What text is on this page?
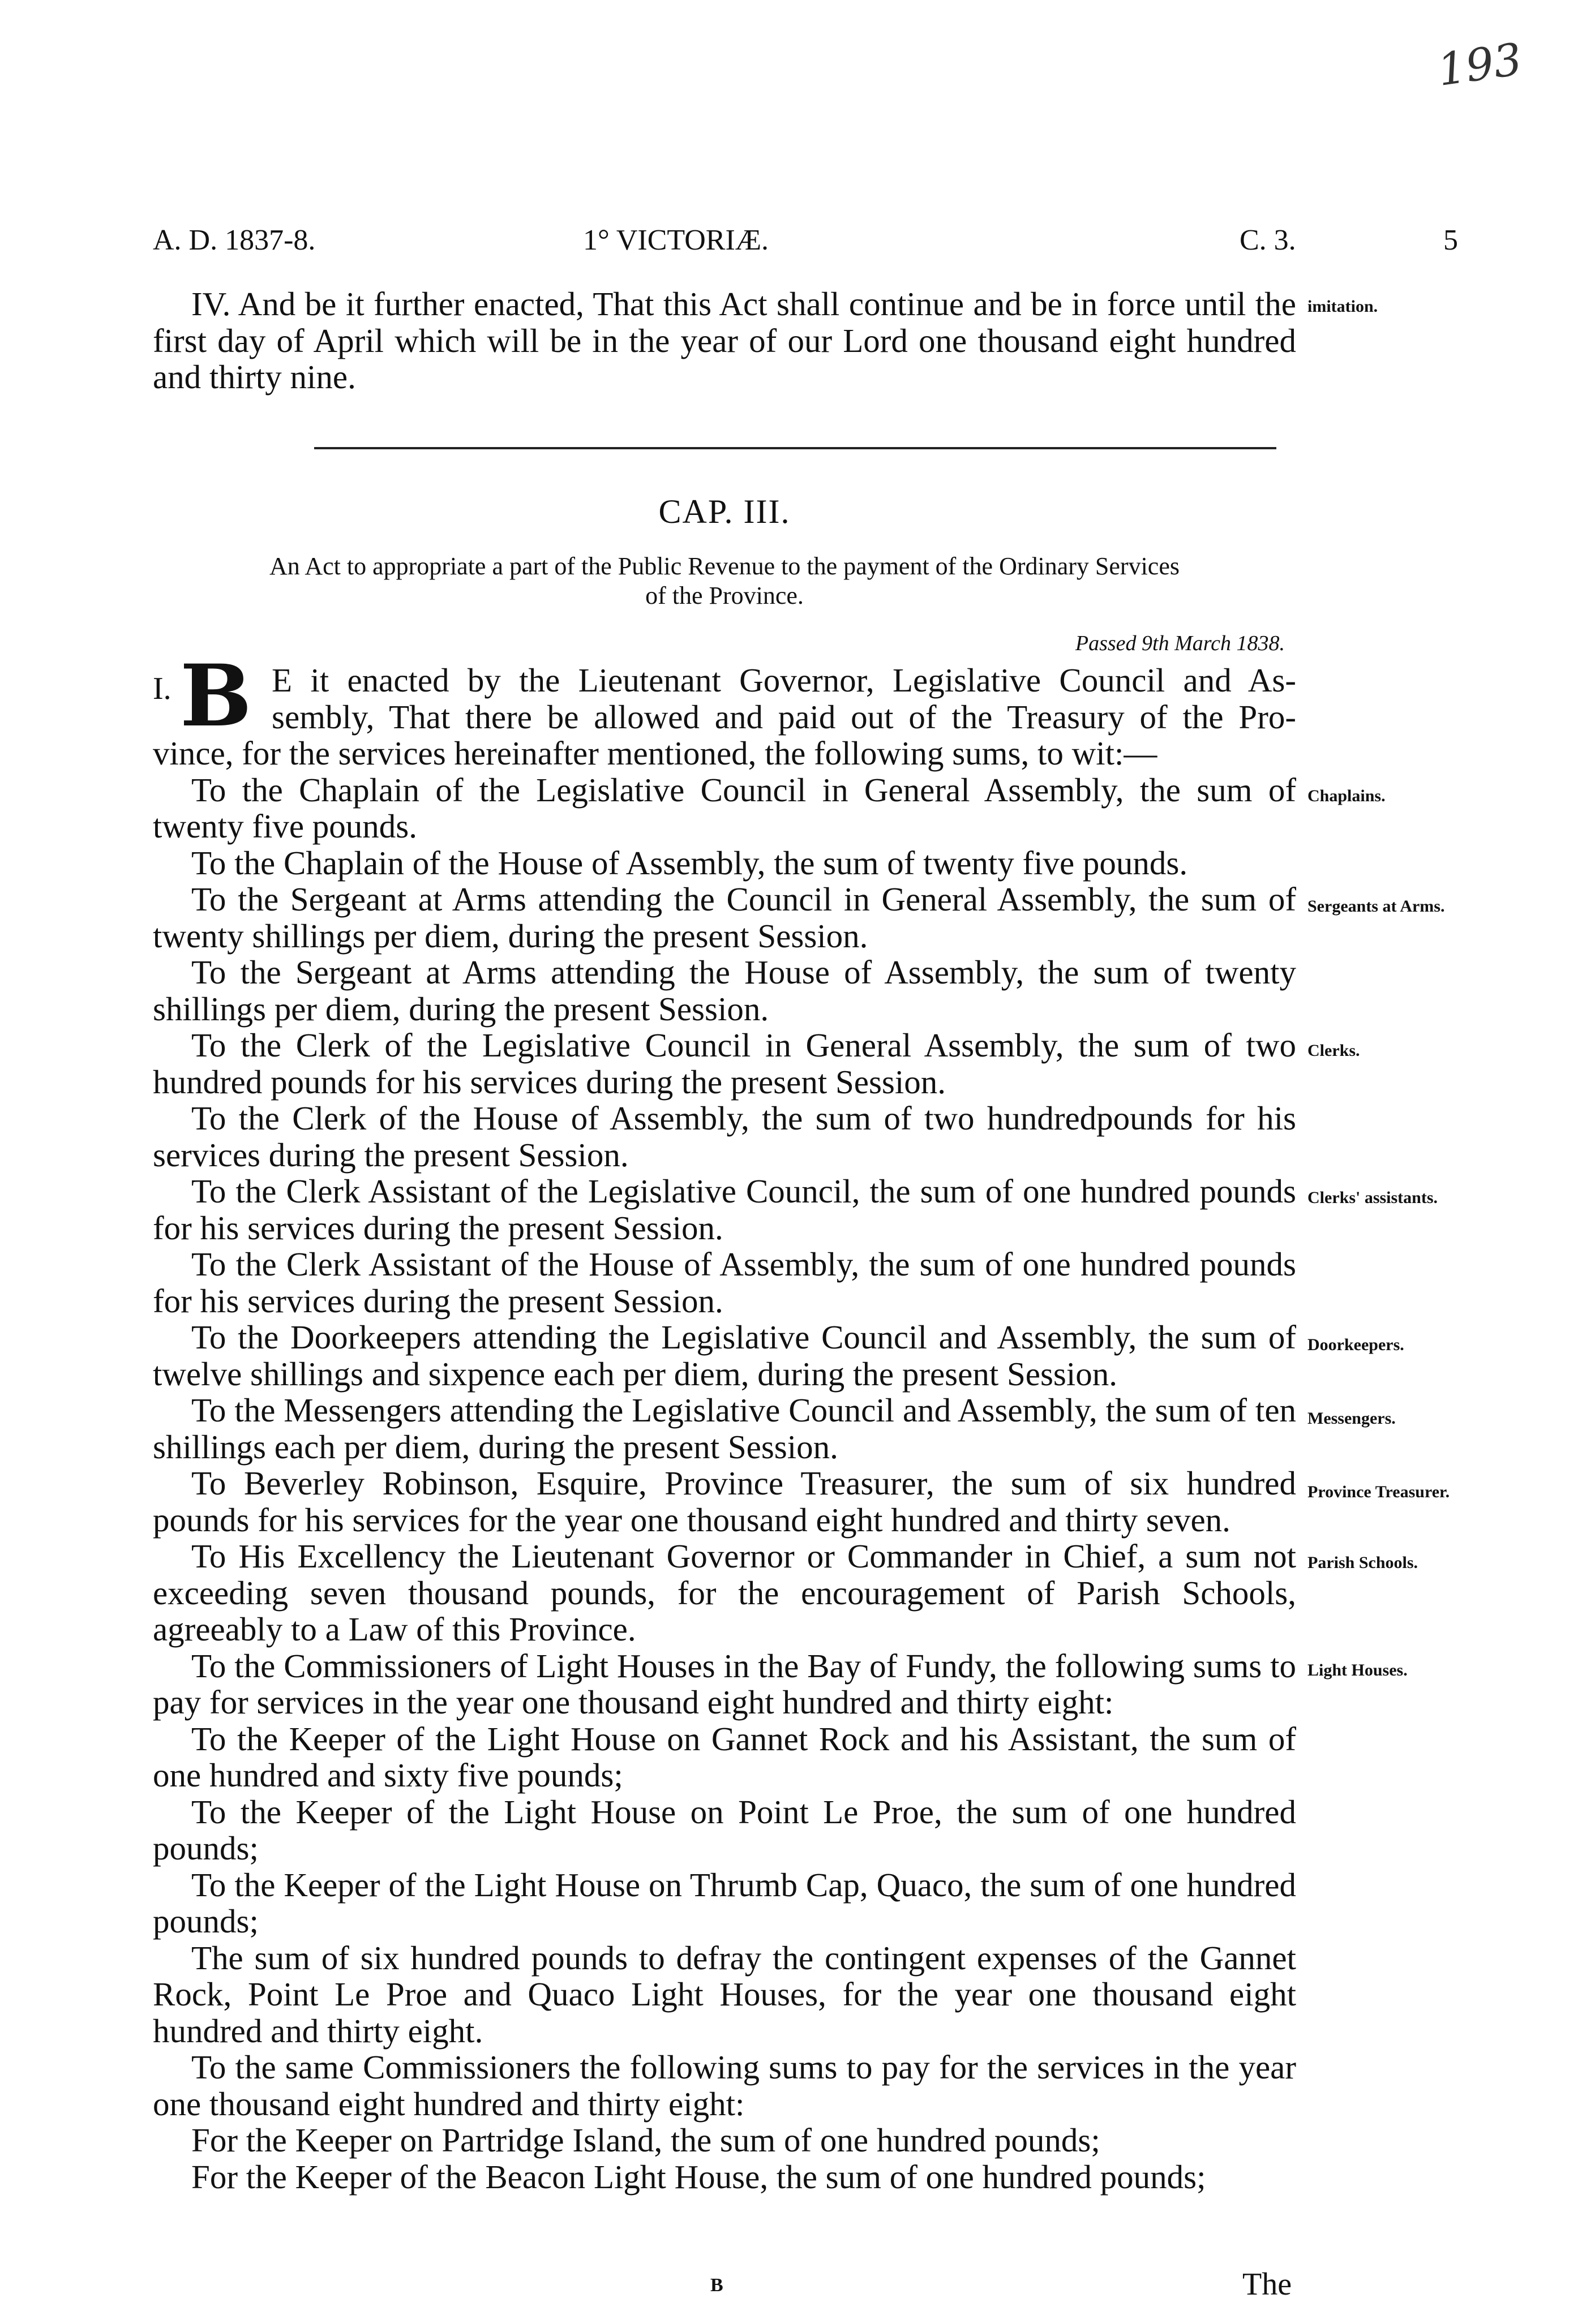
193
A. D. 1837-8.	1° VICTORIÆ.	C. 3.	5

IV. And be it further enacted, That this Act shall continue and be in force until the first day of April which will be in the year of our Lord one thousand eight hundred and thirty nine.

imitation.
CAP. III.
An Act to appropriate a part of the Public Revenue to the payment of the Ordinary Services
of the Province.
Passed 9th March 1838.
I. B E it enacted by the Lieutenant Governor, Legislative Council and As-

sembly, That there be allowed and paid out of the Treasury of the Pro-

vince, for the services hereinafter mentioned, the following sums, to wit:—

To the Chaplain of the Legislative Council in General Assembly, the sum of twenty five pounds.

To the Chaplain of the House of Assembly, the sum of twenty five pounds.

To the Sergeant at Arms attending the Council in General Assembly, the sum of twenty shillings per diem, during the present Session.

To the Sergeant at Arms attending the House of Assembly, the sum of twenty shillings per diem, during the present Session.

To the Clerk of the Legislative Council in General Assembly, the sum of two hundred pounds for his services during the present Session.

To the Clerk of the House of Assembly, the sum of two hundredpounds for his services during the present Session.

To the Clerk Assistant of the Legislative Council, the sum of one hundred pounds for his services during the present Session.

To the Clerk Assistant of the House of Assembly, the sum of one hundred pounds for his services during the present Session.

To the Doorkeepers attending the Legislative Council and Assembly, the sum of twelve shillings and sixpence each per diem, during the present Session.

To the Messengers attending the Legislative Council and Assembly, the sum of ten shillings each per diem, during the present Session.

To Beverley Robinson, Esquire, Province Treasurer, the sum of six hundred pounds for his services for the year one thousand eight hundred and thirty seven.

To His Excellency the Lieutenant Governor or Commander in Chief, a sum not exceeding seven thousand pounds, for the encouragement of Parish Schools, agreeably to a Law of this Province.

To the Commissioners of Light Houses in the Bay of Fundy, the following sums to pay for services in the year one thousand eight hundred and thirty eight:

To the Keeper of the Light House on Gannet Rock and his Assistant, the sum of one hundred and sixty five pounds;

To the Keeper of the Light House on Point Le Proe, the sum of one hundred pounds;

To the Keeper of the Light House on Thrumb Cap, Quaco, the sum of one hundred pounds;

The sum of six hundred pounds to defray the contingent expenses of the Gannet Rock, Point Le Proe and Quaco Light Houses, for the year one thousand eight hundred and thirty eight.

To the same Commissioners the following sums to pay for the services in the year one thousand eight hundred and thirty eight:

For the Keeper on Partridge Island, the sum of one hundred pounds;

For the Keeper of the Beacon Light House, the sum of one hundred pounds;

Chaplains.
Sergeants at Arms.
Clerks.
Clerks' assistants.
Doorkeepers.
Messengers.
Province Treasurer.
Parish Schools.
Light Houses.
B	The
